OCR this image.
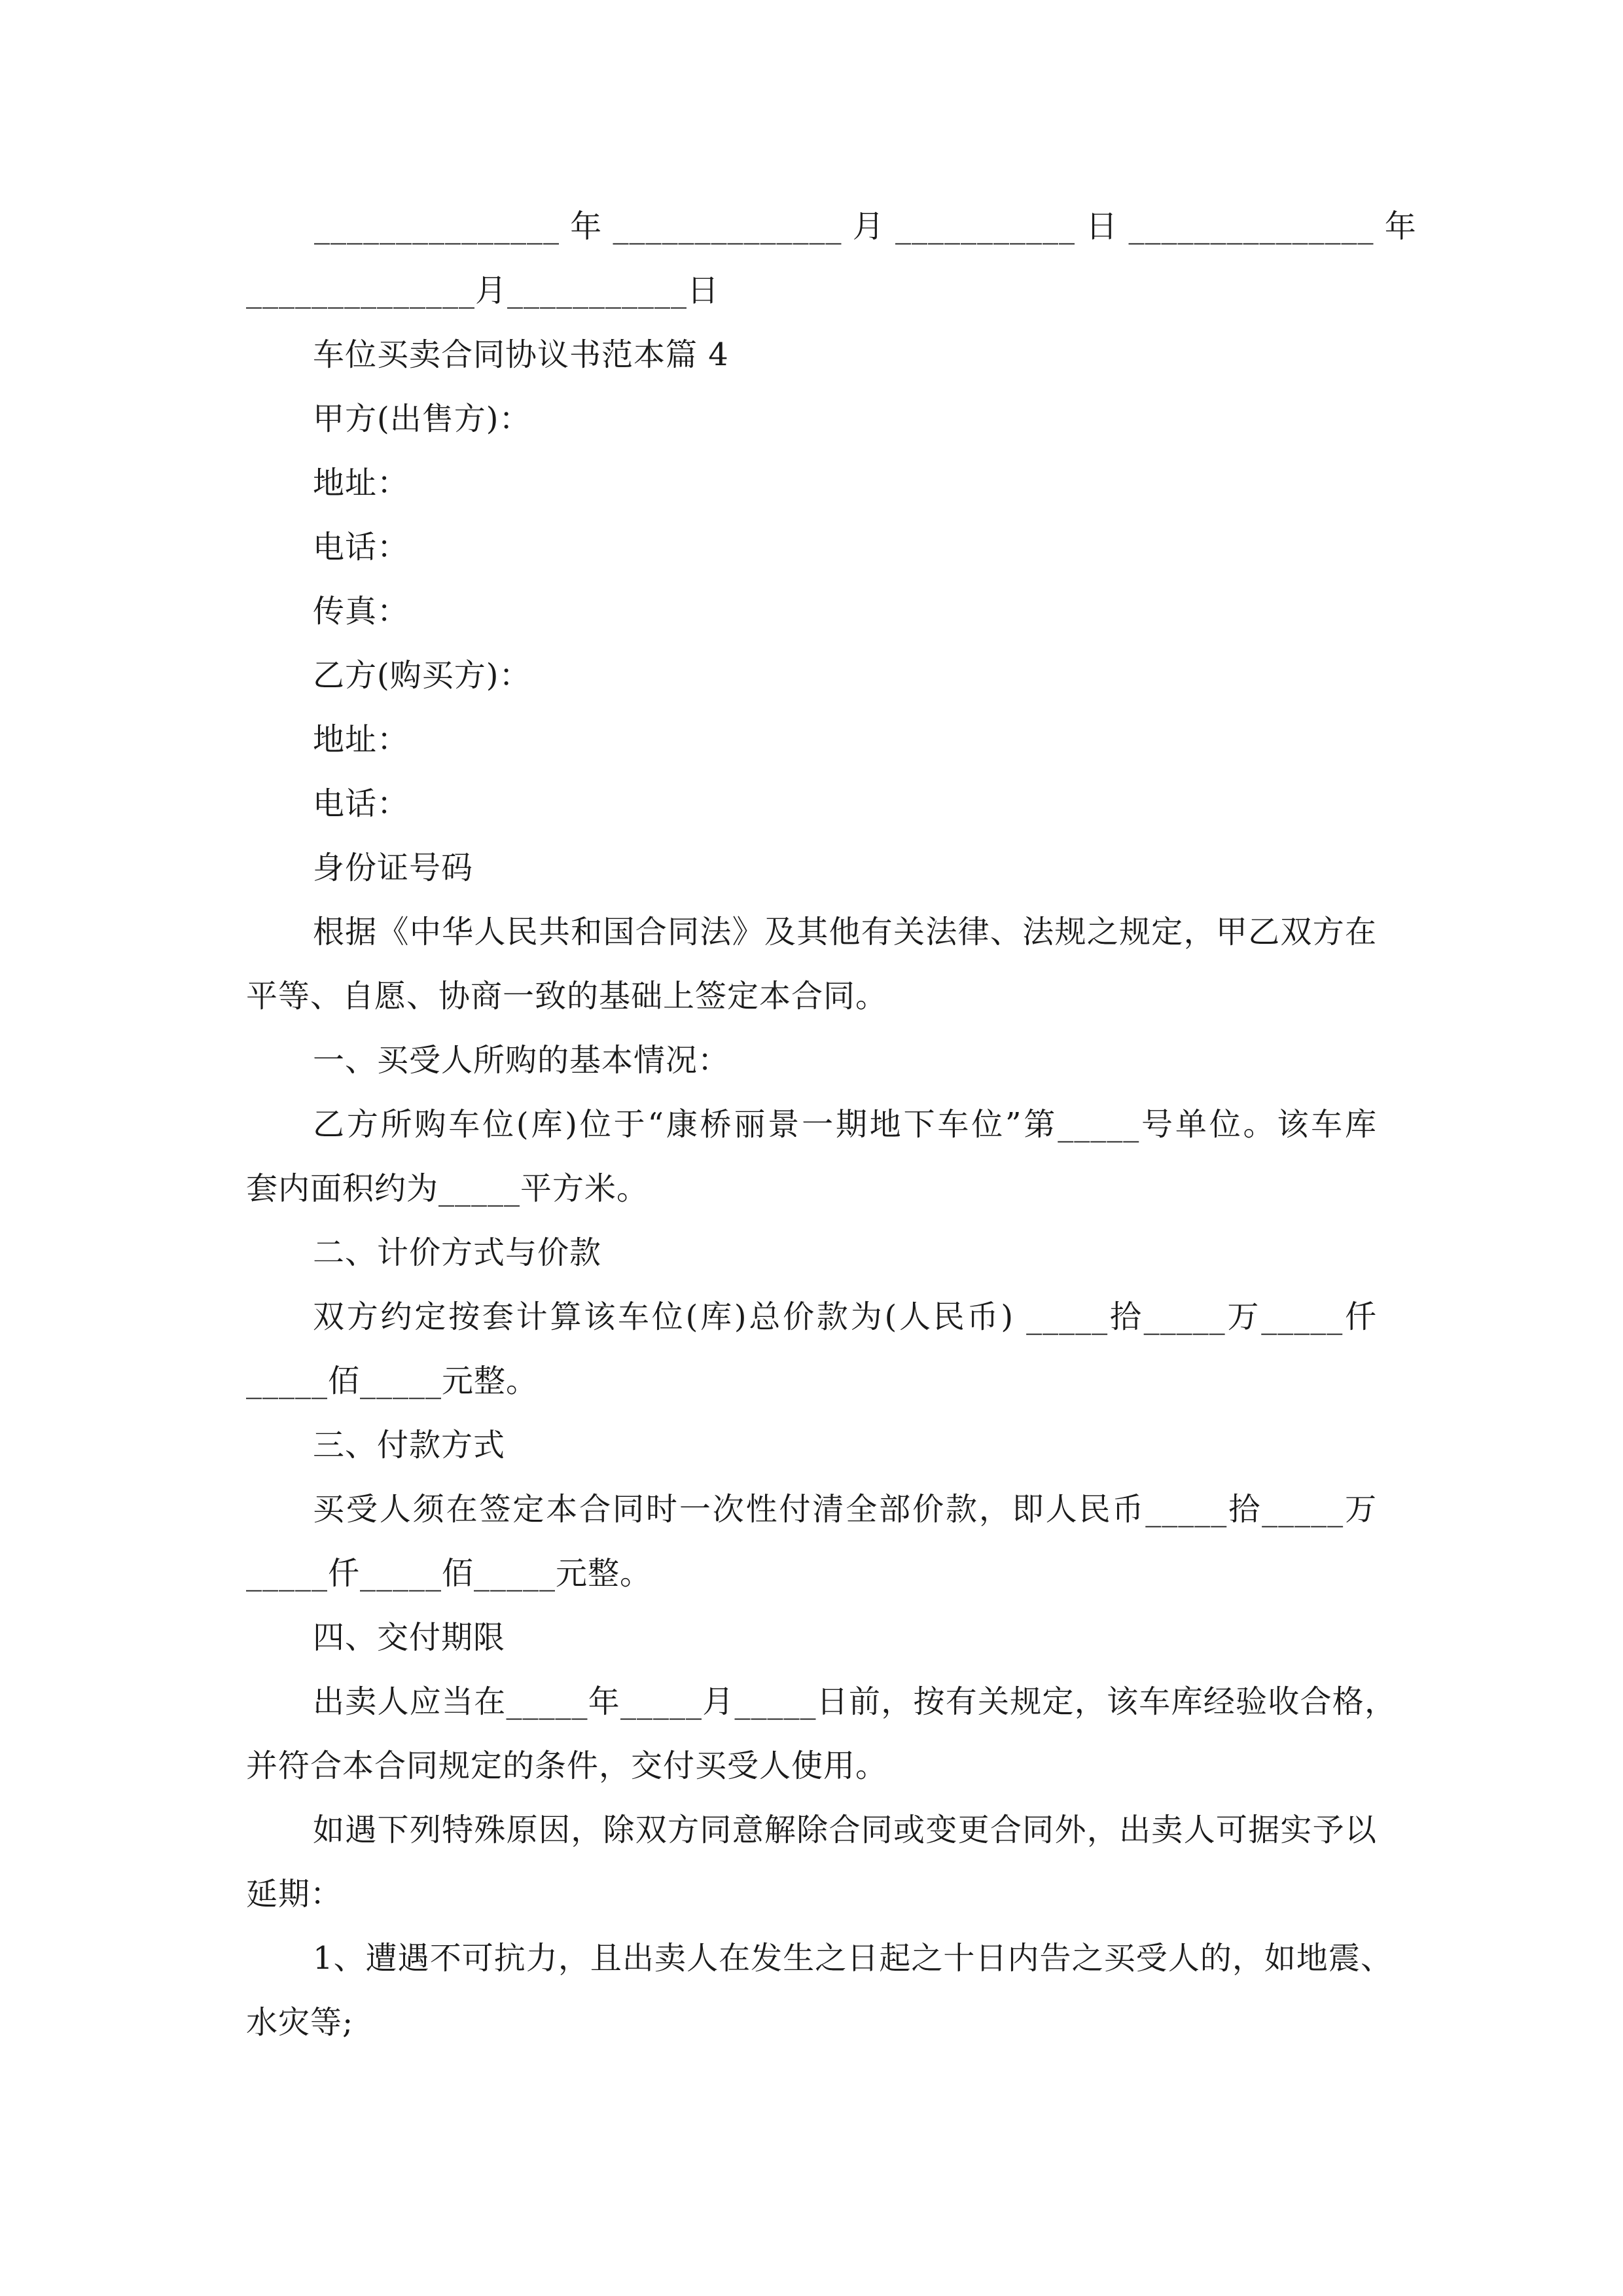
_______________ 年 ______________ 月 ___________ 日 _______________ 年
______________月___________日
车位买卖合同协议书范本篇 4
甲方(出售方)：
地址：
电话：
传真：
乙方(购买方)：
地址：
电话：
身份证号码
根据《中华人民共和国合同法》及其他有关法律、法规之规定，甲乙双方在
平等、自愿、协商一致的基础上签定本合同。
一、买受人所购的基本情况：
乙方所购车位(库)位于“康桥丽景一期地下车位”第_____号单位。该车库
套内面积约为_____平方米。
二、计价方式与价款
双方约定按套计算该车位(库)总价款为(人民币) _____拾_____万_____仟
_____佰_____元整。
三、付款方式
买受人须在签定本合同时一次性付清全部价款，即人民币_____拾_____万
_____仟_____佰_____元整。
四、交付期限
出卖人应当在_____年_____月_____日前，按有关规定，该车库经验收合格，
并符合本合同规定的条件，交付买受人使用。
如遇下列特殊原因，除双方同意解除合同或变更合同外，出卖人可据实予以
延期：
1、遭遇不可抗力，且出卖人在发生之日起之十日内告之买受人的，如地震、
水灾等;
